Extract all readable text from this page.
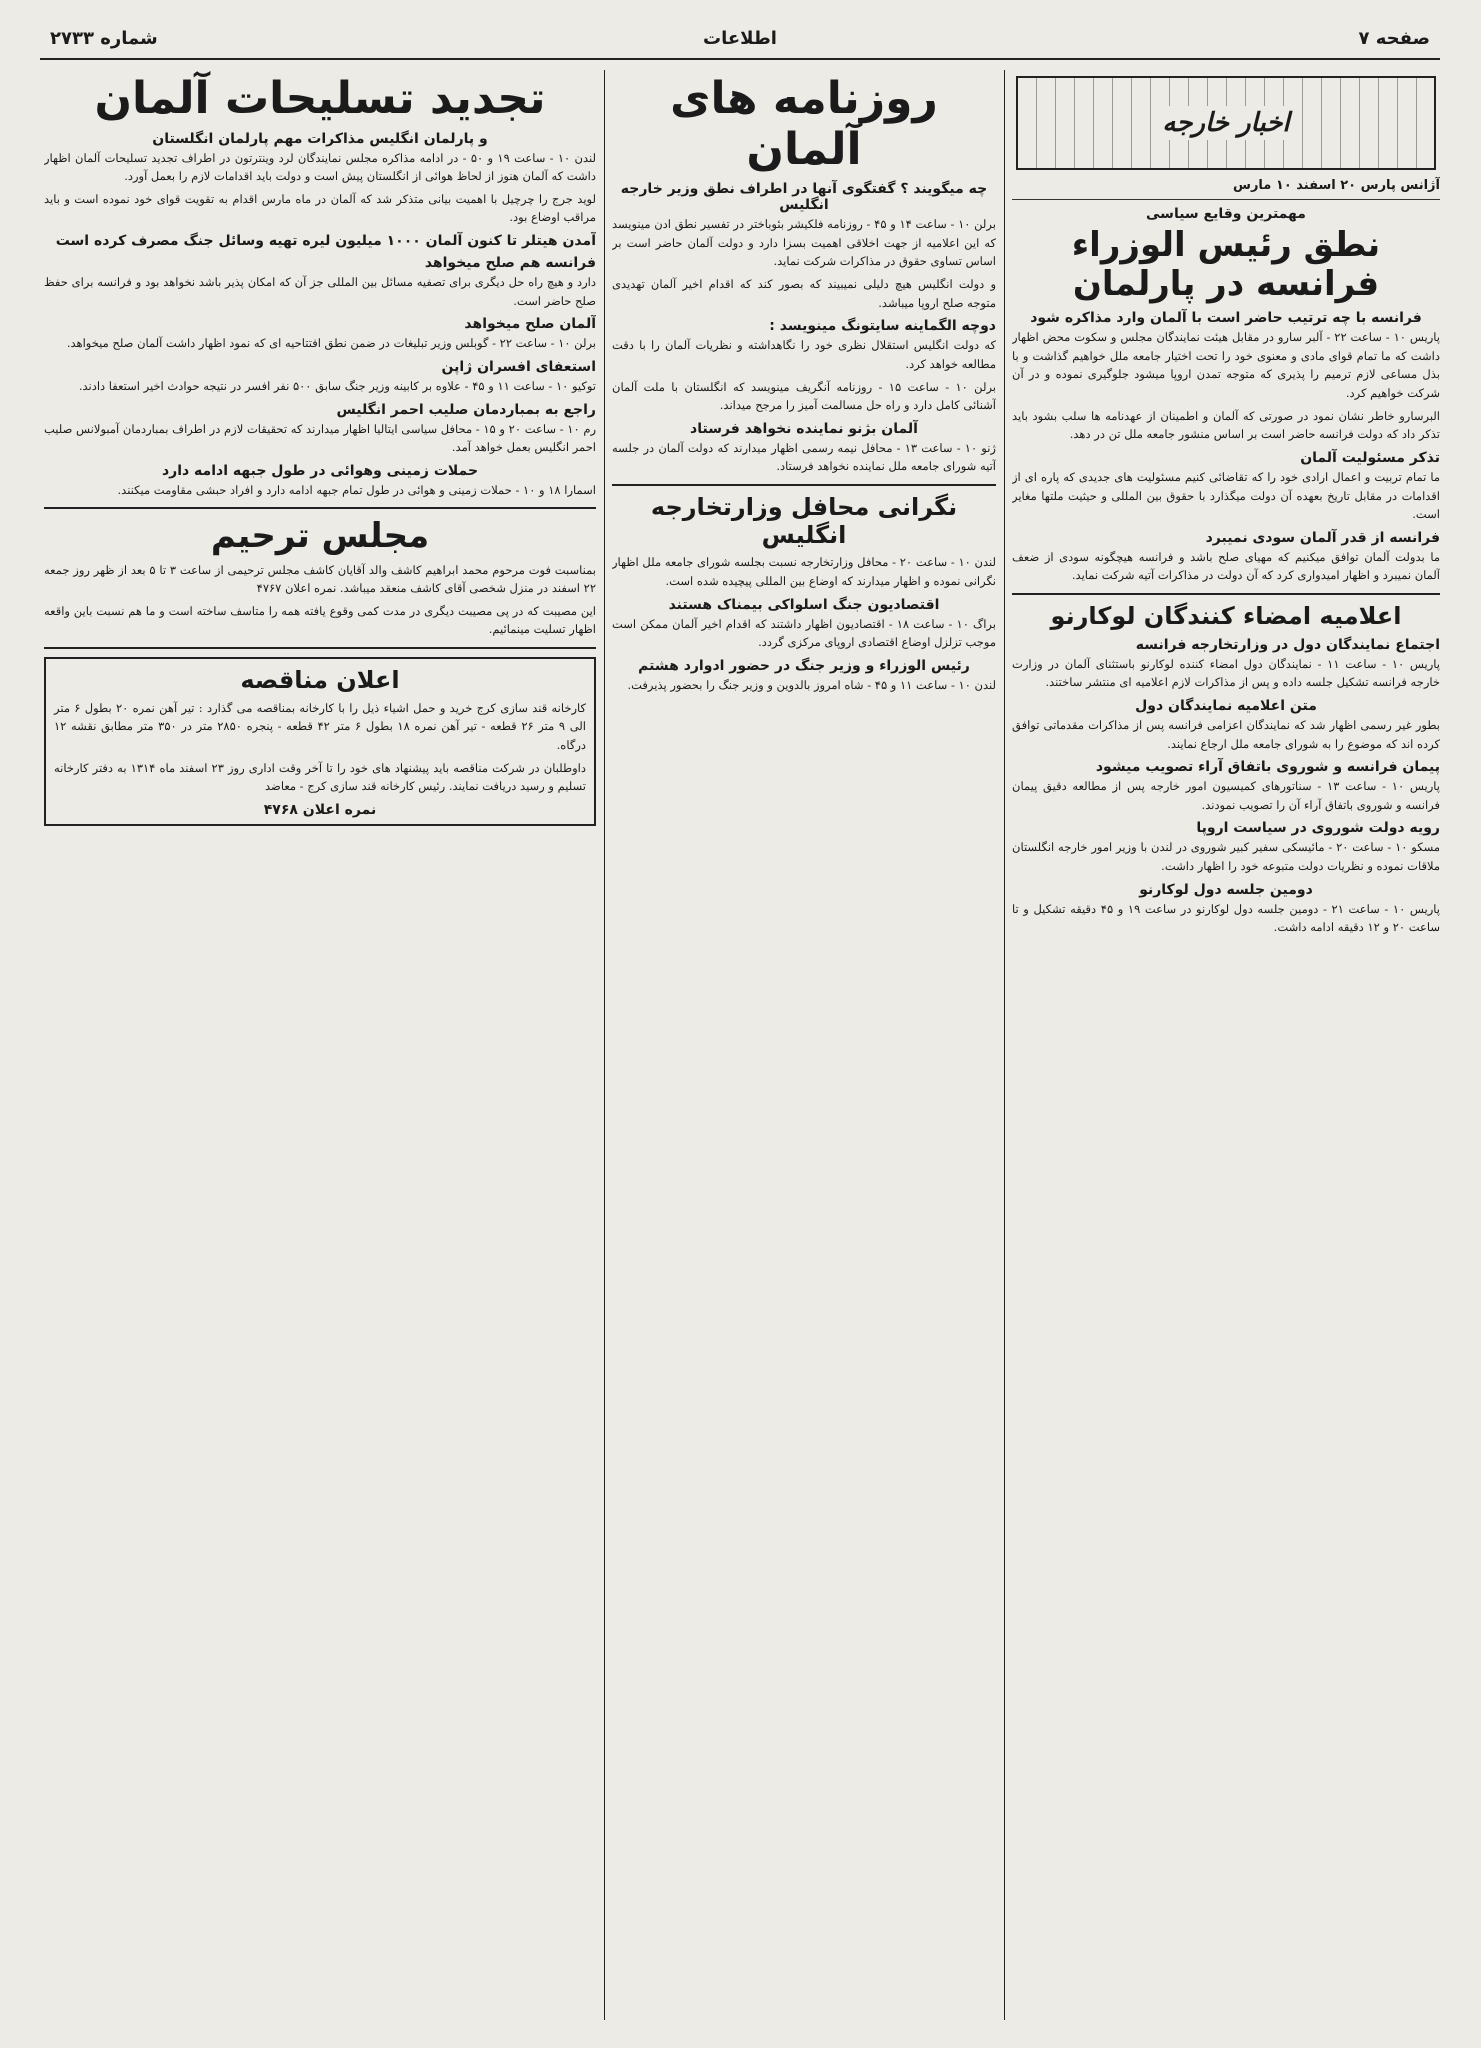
صفحه ۷
اطلاعات
شماره ۲۷۳۳
اخبار خارجه
آژانس پارس ۲۰ اسفند ۱۰ مارس
مهمترین وقایع سیاسی
نطق رئیس الوزراء فرانسه در پارلمان
فرانسه با چه ترتیب حاضر است با آلمان وارد مذاکره شود

پاریس ۱۰ - ساعت ۲۲ - آلبر سارو در مقابل هیئت نمایندگان مجلس و سکوت محض اظهار داشت که ما تمام قوای مادی و معنوی خود را تحت اختیار جامعه ملل خواهیم گذاشت و با بذل مساعی لازم ترمیم را پذیری که متوجه تمدن اروپا میشود جلوگیری نموده و در آن شرکت خواهیم کرد.

البرسارو خاطر نشان نمود در صورتی که آلمان و اطمینان از عهدنامه ها سلب بشود باید تذکر داد که دولت فرانسه حاضر است بر اساس منشور جامعه ملل تن در دهد.

تذکر مسئولیت آلمان

ما تمام تربیت و اعمال ارادی خود را که تقاضائی کنیم مسئولیت های جدیدی که پاره ای از اقدامات در مقابل تاریخ بعهده آن دولت میگذارد با حقوق بین المللی و حیثیت ملتها مغایر است.

فرانسه از قدر آلمان سودی نمیبرد

ما بدولت آلمان توافق میکنیم که مهیای صلح باشد و فرانسه هیچگونه سودی از ضعف آلمان نمیبرد و اظهار امیدواری کرد که آن دولت در مذاکرات آتیه شرکت نماید.

اعلامیه امضاء کنندگان لوکارنو
اجتماع نمایندگان دول در وزارتخارجه فرانسه

پاریس ۱۰ - ساعت ۱۱ - نمایندگان دول امضاء کننده لوکارنو باستثنای آلمان در وزارت خارجه فرانسه تشکیل جلسه داده و پس از مذاکرات لازم اعلامیه ای منتشر ساختند.

متن اعلامیه نمایندگان دول

بطور غیر رسمی اظهار شد که نمایندگان اعزامی فرانسه پس از مذاکرات مقدماتی توافق کرده اند که موضوع را به شورای جامعه ملل ارجاع نمایند.

پیمان فرانسه و شوروی باتفاق آراء تصویب میشود

پاریس ۱۰ - ساعت ۱۳ - سناتورهای کمیسیون امور خارجه پس از مطالعه دقیق پیمان فرانسه و شوروی باتفاق آراء آن را تصویب نمودند.

رویه دولت شوروی در سیاست اروپا

مسکو ۱۰ - ساعت ۲۰ - مائیسکی سفیر کبیر شوروی در لندن با وزیر امور خارجه انگلستان ملاقات نموده و نظریات دولت متبوعه خود را اظهار داشت.

دومین جلسه دول لوکارنو

پاریس ۱۰ - ساعت ۲۱ - دومین جلسه دول لوکارنو در ساعت ۱۹ و ۴۵ دقیقه تشکیل و تا ساعت ۲۰ و ۱۲ دقیقه ادامه داشت.

روزنامه های آلمان
چه میگویند ؟ گفتگوی آنها در اطراف نطق وزیر خارجه انگلیس

برلن ۱۰ - ساعت ۱۴ و ۴۵ - روزنامه فلکیشر بئوباختر در تفسیر نطق ادن مینویسد که این اعلامیه از جهت اخلاقی اهمیت بسزا دارد و دولت آلمان حاضر است بر اساس تساوی حقوق در مذاکرات شرکت نماید.

و دولت انگلیس هیچ دلیلی نمیبیند که بصور کند که اقدام اخیر آلمان تهدیدی متوجه صلح اروپا میباشد.

دوچه الگماینه سایتونگ مینویسد :

که دولت انگلیس استقلال نظری خود را نگاهداشته و نظریات آلمان را با دقت مطالعه خواهد کرد.

برلن ۱۰ - ساعت ۱۵ - روزنامه آنگریف مینویسد که انگلستان با ملت آلمان آشنائی کامل دارد و راه حل مسالمت آمیز را مرجح میداند.

آلمان بژنو نماینده نخواهد فرستاد

ژنو ۱۰ - ساعت ۱۳ - محافل نیمه رسمی اظهار میدارند که دولت آلمان در جلسه آتیه شورای جامعه ملل نماینده نخواهد فرستاد.

نگرانی محافل وزارتخارجه انگلیس

لندن ۱۰ - ساعت ۲۰ - محافل وزارتخارجه نسبت بجلسه شورای جامعه ملل اظهار نگرانی نموده و اظهار میدارند که اوضاع بین المللی پیچیده شده است.

اقتصادیون جنگ اسلواکی بیمناک هستند

براگ ۱۰ - ساعت ۱۸ - اقتصادیون اظهار داشتند که اقدام اخیر آلمان ممکن است موجب تزلزل اوضاع اقتصادی اروپای مرکزی گردد.

رئیس الوزراء و وزیر جنگ در حضور ادوارد هشتم

لندن ۱۰ - ساعت ۱۱ و ۴۵ - شاه امروز بالدوین و وزیر جنگ را بحضور پذیرفت.

تجدید تسلیحات آلمان
و پارلمان انگلیس مذاکرات مهم پارلمان انگلستان

لندن ۱۰ - ساعت ۱۹ و ۵۰ - در ادامه مذاکره مجلس نمایندگان لرد وینترتون در اطراف تجدید تسلیحات آلمان اظهار داشت که آلمان هنوز از لحاظ هوائی از انگلستان پیش است و دولت باید اقدامات لازم را بعمل آورد.

لوید جرج را چرچیل با اهمیت بیانی متذکر شد که آلمان در ماه مارس اقدام به تقویت قوای خود نموده است و باید مراقب اوضاع بود.

آمدن هیتلر تا کنون آلمان ۱۰۰۰ میلیون لیره تهیه وسائل جنگ مصرف کرده است
فرانسه هم صلح میخواهد

دارد و هیچ راه حل دیگری برای تصفیه مسائل بین المللی جز آن که امکان پذیر باشد نخواهد بود و فرانسه برای حفظ صلح حاضر است.

آلمان صلح میخواهد

برلن ۱۰ - ساعت ۲۲ - گوبلس وزیر تبلیغات در ضمن نطق افتتاحیه ای که نمود اظهار داشت آلمان صلح میخواهد.

استعفای افسران ژاپن

توکیو ۱۰ - ساعت ۱۱ و ۴۵ - علاوه بر کابینه وزیر جنگ سابق ۵۰۰ نفر افسر در نتیجه حوادث اخیر استعفا دادند.

راجع به بمباردمان صلیب احمر انگلیس

رم ۱۰ - ساعت ۲۰ و ۱۵ - محافل سیاسی ایتالیا اظهار میدارند که تحقیقات لازم در اطراف بمباردمان آمبولانس صلیب احمر انگلیس بعمل خواهد آمد.

حملات زمینی وهوائی در طول جبهه ادامه دارد

اسمارا ۱۸ و ۱۰ - حملات زمینی و هوائی در طول تمام جبهه ادامه دارد و افراد حبشی مقاومت میکنند.

مجلس ترحیم

بمناسبت فوت مرحوم محمد ابراهیم کاشف والد آقایان کاشف مجلس ترحیمی از ساعت ۳ تا ۵ بعد از ظهر روز جمعه ۲۲ اسفند در منزل شخصی آقای کاشف منعقد میباشد. نمره اعلان ۴۷۶۷

این مصیبت که در پی مصیبت دیگری در مدت کمی وقوع یافته همه را متاسف ساخته است و ما هم نسبت باین واقعه اظهار تسلیت مینمائیم.

اعلان مناقصه

کارخانه قند سازی کرج خرید و حمل اشیاء ذیل را با کارخانه بمناقصه می گذارد : تیر آهن نمره ۲۰ بطول ۶ متر الی ۹ متر ۲۶ قطعه - تیر آهن نمره ۱۸ بطول ۶ متر ۴۲ قطعه - پنجره ۲۸۵۰ متر در ۳۵۰ متر مطابق نقشه ۱۲ درگاه.

داوطلبان در شرکت مناقصه باید پیشنهاد های خود را تا آخر وقت اداری روز ۲۳ اسفند ماه ۱۳۱۴ به دفتر کارخانه تسلیم و رسید دریافت نمایند. رئیس کارخانه قند سازی کرج - معاضد

نمره اعلان ۴۷۶۸
